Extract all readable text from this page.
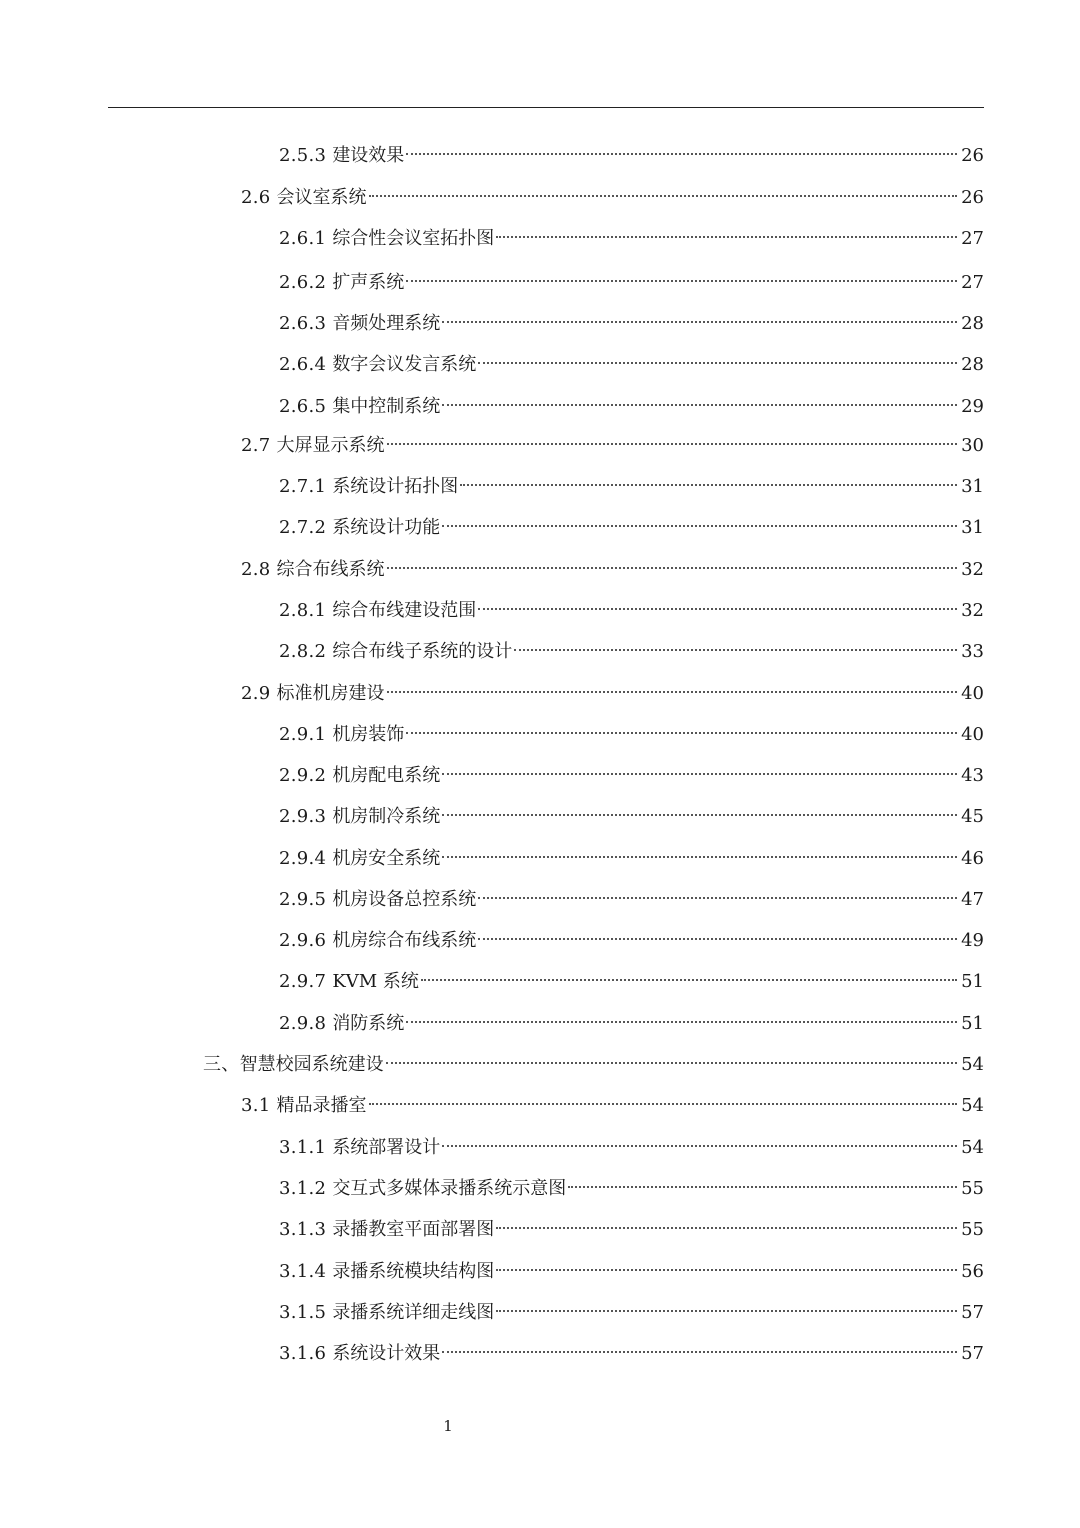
2.5.3 建设效果	26
2.6 会议室系统	26
2.6.1 综合性会议室拓扑图	27
2.6.2 扩声系统	27
2.6.3 音频处理系统	28
2.6.4 数字会议发言系统	28
2.6.5 集中控制系统	29
2.7 大屏显示系统	30
2.7.1 系统设计拓扑图	31
2.7.2 系统设计功能	31
2.8 综合布线系统	32
2.8.1 综合布线建设范围	32
2.8.2 综合布线子系统的设计	33
2.9 标准机房建设	40
2.9.1 机房装饰	40
2.9.2 机房配电系统	43
2.9.3 机房制冷系统	45
2.9.4 机房安全系统	46
2.9.5 机房设备总控系统	47
2.9.6 机房综合布线系统	49
2.9.7 KVM 系统	51
2.9.8 消防系统	51
三、 智慧校园系统建设	54
3.1 精品录播室	54
3.1.1 系统部署设计	54
3.1.2 交互式多媒体录播系统示意图	55
3.1.3 录播教室平面部署图	55
3.1.4 录播系统模块结构图	56
3.1.5 录播系统详细走线图	57
3.1.6 系统设计效果	57
1
